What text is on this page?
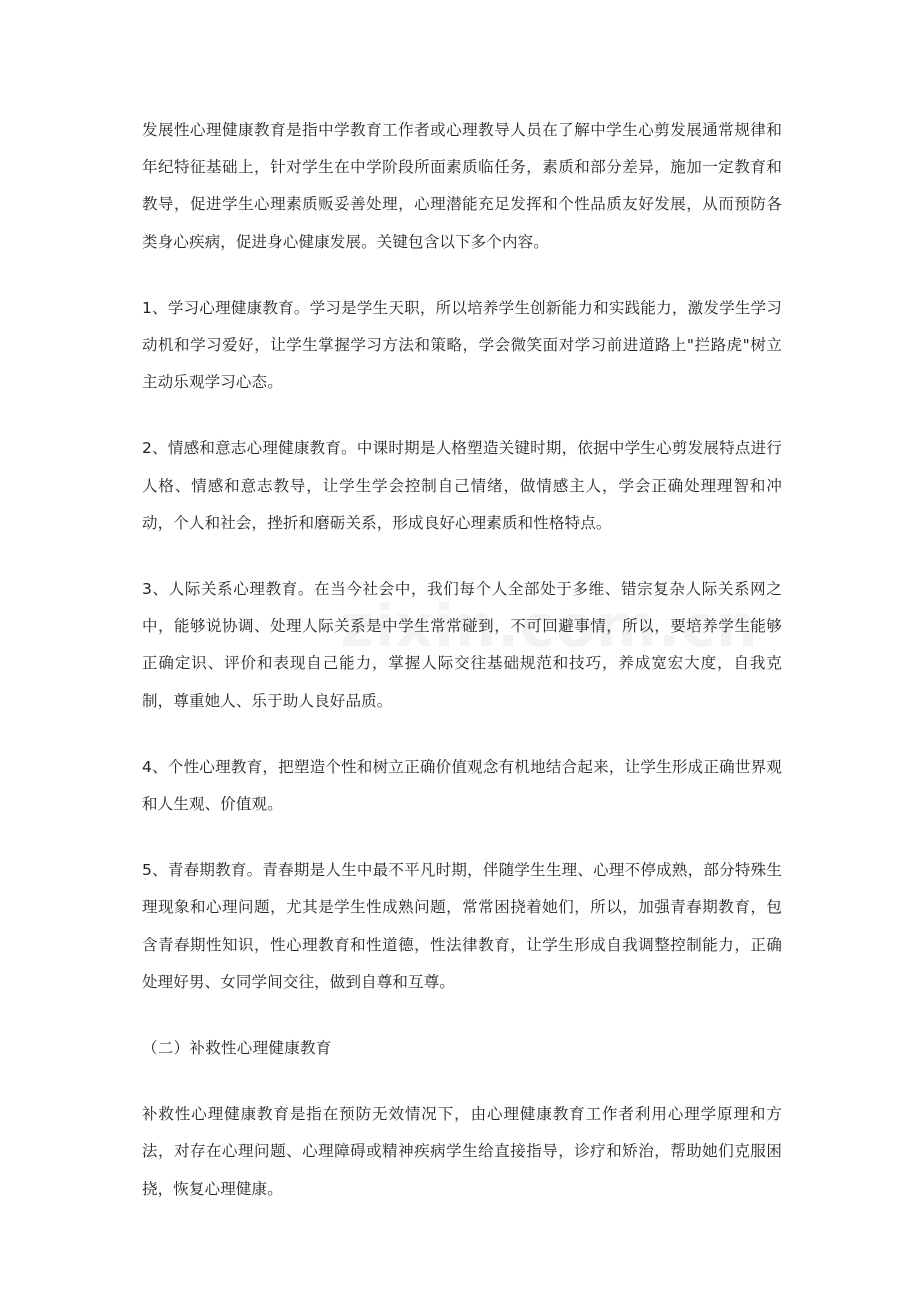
发展性心理健康教育是指中学教育工作者或心理教导人员在了解中学生心剪发展通常规律和年纪特征基础上，针对学生在中学阶段所面素质临任务，素质和部分差异，施加一定教育和教导，促进学生心理素质贩妥善处理，心理潜能充足发挥和个性品质友好发展，从而预防各类身心疾病，促进身心健康发展。关键包含以下多个内容。

1、学习心理健康教育。学习是学生天职，所以培养学生创新能力和实践能力，激发学生学习动机和学习爱好，让学生掌握学习方法和策略，学会微笑面对学习前进道路上"拦路虎"树立主动乐观学习心态。

2、情感和意志心理健康教育。中课时期是人格塑造关键时期，依据中学生心剪发展特点进行人格、情感和意志教导，让学生学会控制自己情绪，做情感主人，学会正确处理理智和冲动，个人和社会，挫折和磨砺关系，形成良好心理素质和性格特点。

3、人际关系心理教育。在当今社会中，我们每个人全部处于多维、错宗复杂人际关系网之中，能够说协调、处理人际关系是中学生常常碰到，不可回避事情，所以，要培养学生能够正确定识、评价和表现自己能力，掌握人际交往基础规范和技巧，养成宽宏大度，自我克制，尊重她人、乐于助人良好品质。

4、个性心理教育，把塑造个性和树立正确价值观念有机地结合起来，让学生形成正确世界观和人生观、价值观。

5、青春期教育。青春期是人生中最不平凡时期，伴随学生生理、心理不停成熟，部分特殊生理现象和心理问题，尤其是学生性成熟问题，常常困挠着她们，所以，加强青春期教育，包含青春期性知识，性心理教育和性道德，性法律教育，让学生形成自我调整控制能力，正确处理好男、女同学间交往，做到自尊和互尊。

（二）补救性心理健康教育

补救性心理健康教育是指在预防无效情况下，由心理健康教育工作者利用心理学原理和方法，对存在心理问题、心理障碍或精神疾病学生给直接指导，诊疗和矫治，帮助她们克服困挠，恢复心理健康。
